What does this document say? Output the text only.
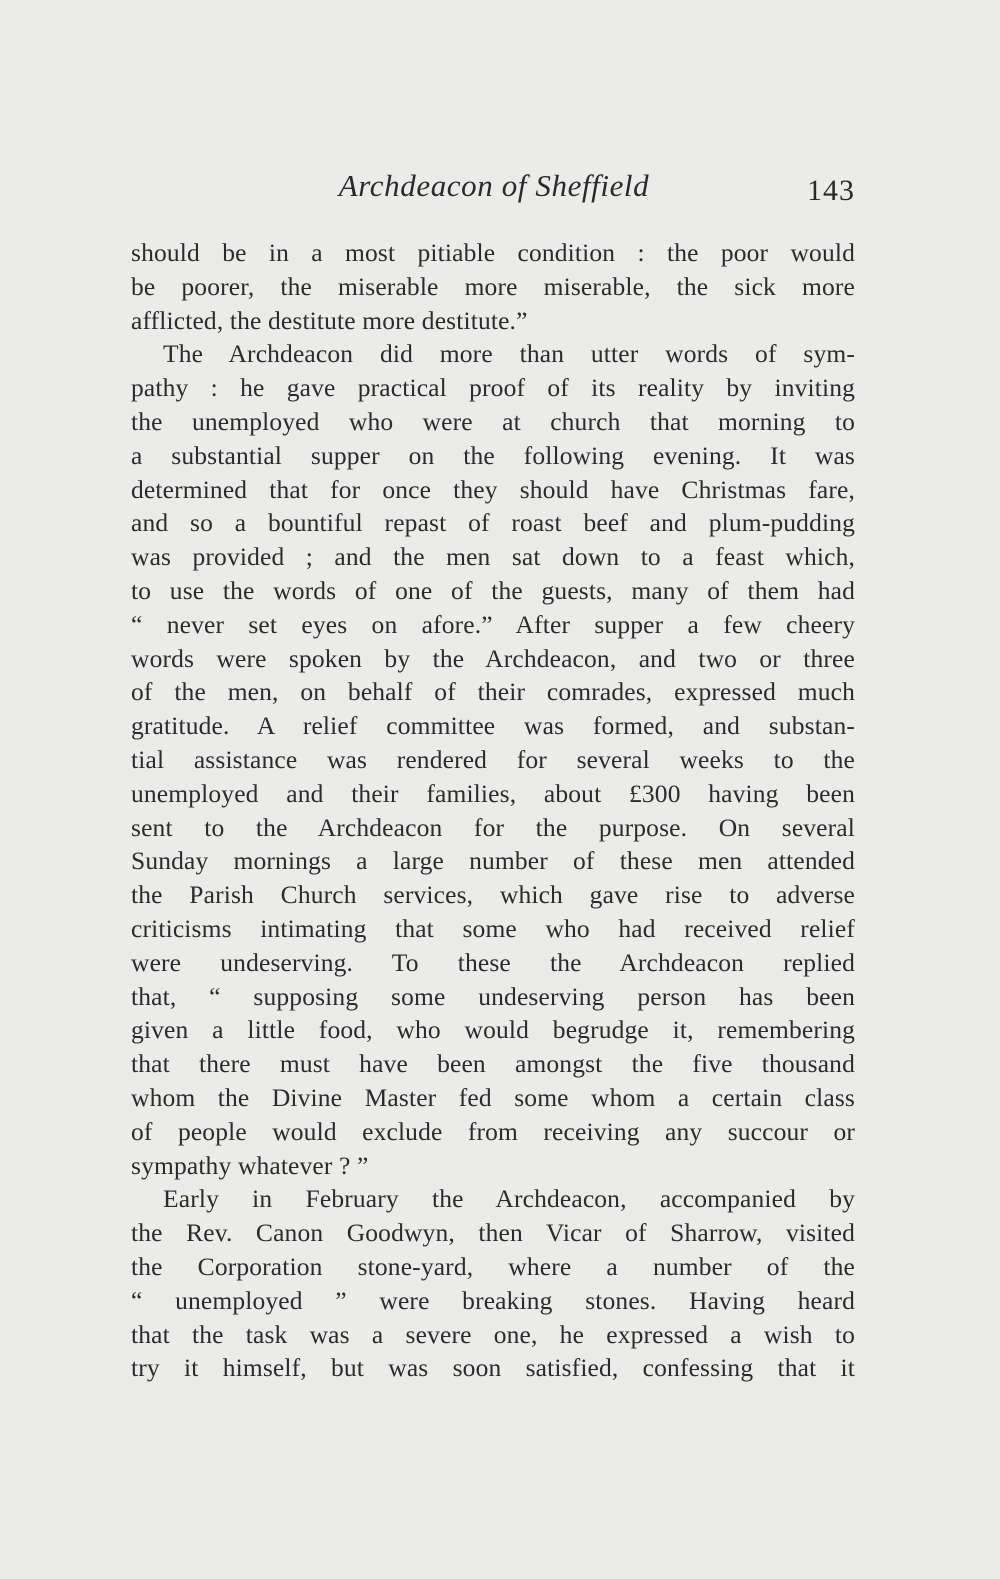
Archdeacon of Sheffield	143
should be in a most pitiable condition : the poor would
be poorer, the miserable more miserable, the sick more
afflicted, the destitute more destitute.”
The Archdeacon did more than utter words of sym-
pathy : he gave practical proof of its reality by inviting
the unemployed who were at church that morning to
a substantial supper on the following evening. It was
determined that for once they should have Christmas fare,
and so a bountiful repast of roast beef and plum-pudding
was provided ; and the men sat down to a feast which,
to use the words of one of the guests, many of them had
“ never set eyes on afore.” After supper a few cheery
words were spoken by the Archdeacon, and two or three
of the men, on behalf of their comrades, expressed much
gratitude. A relief committee was formed, and substan-
tial assistance was rendered for several weeks to the
unemployed and their families, about £300 having been
sent to the Archdeacon for the purpose. On several
Sunday mornings a large number of these men attended
the Parish Church services, which gave rise to adverse
criticisms intimating that some who had received relief
were undeserving. To these the Archdeacon replied
that, “ supposing some undeserving person has been
given a little food, who would begrudge it, remembering
that there must have been amongst the five thousand
whom the Divine Master fed some whom a certain class
of people would exclude from receiving any succour or
sympathy whatever ? ”
Early in February the Archdeacon, accompanied by
the Rev. Canon Goodwyn, then Vicar of Sharrow, visited
the Corporation stone-yard, where a number of the
“ unemployed ” were breaking stones. Having heard
that the task was a severe one, he expressed a wish to
try it himself, but was soon satisfied, confessing that it
